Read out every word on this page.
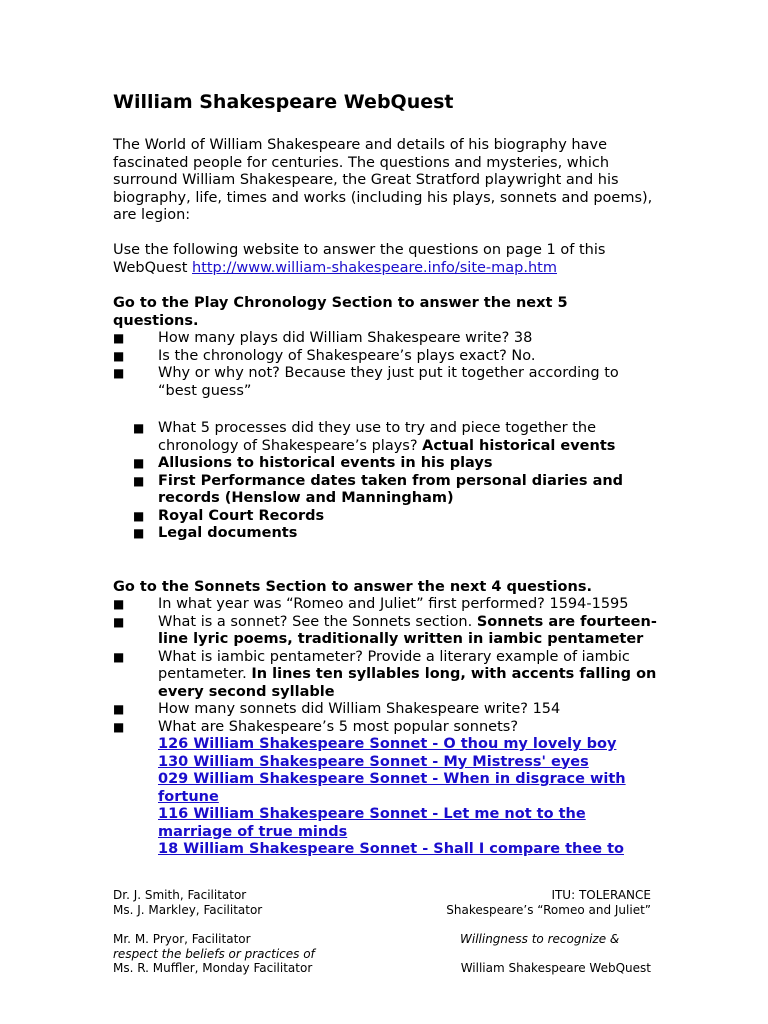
William Shakespeare WebQuest

The World of William Shakespeare and details of his biography have fascinated people for centuries. The questions and mysteries, which surround William Shakespeare, the Great Stratford playwright and his biography, life, times and works (including his plays, sonnets and poems), are legion:

Use the following website to answer the questions on page 1 of this WebQuest http://www.william-shakespeare.info/site-map.htm

Go to the Play Chronology Section to answer the next 5 questions.

■ How many plays did William Shakespeare write? 38
■ Is the chronology of Shakespeare’s plays exact? No.
■ Why or why not? Because they just put it together according to “best guess”
■ What 5 processes did they use to try and piece together the chronology of Shakespeare’s plays? Actual historical events
■ Allusions to historical events in his plays
■ First Performance dates taken from personal diaries and records (Henslow and Manningham)
■ Royal Court Records
■ Legal documents

Go to the Sonnets Section to answer the next 4 questions.

■ In what year was “Romeo and Juliet” first performed? 1594-1595
■ What is a sonnet? See the Sonnets section. Sonnets are fourteen-line lyric poems, traditionally written in iambic pentameter
■ What is iambic pentameter? Provide a literary example of iambic pentameter. In lines ten syllables long, with accents falling on every second syllable
■ How many sonnets did William Shakespeare write? 154
■ What are Shakespeare’s 5 most popular sonnets?
126 William Shakespeare Sonnet - O thou my lovely boy
130 William Shakespeare Sonnet - My Mistress' eyes
029 William Shakespeare Sonnet - When in disgrace with fortune
116 William Shakespeare Sonnet - Let me not to the marriage of true minds
18 William Shakespeare Sonnet - Shall I compare thee to
Dr. J. Smith, Facilitator	ITU: TOLERANCE
Ms. J. Markley, Facilitator	Shakespeare’s “Romeo and Juliet”
Mr. M. Pryor, Facilitator	Willingness to recognize &
respect the beliefs or practices of
Ms. R. Muffler, Monday Facilitator	William Shakespeare WebQuest
